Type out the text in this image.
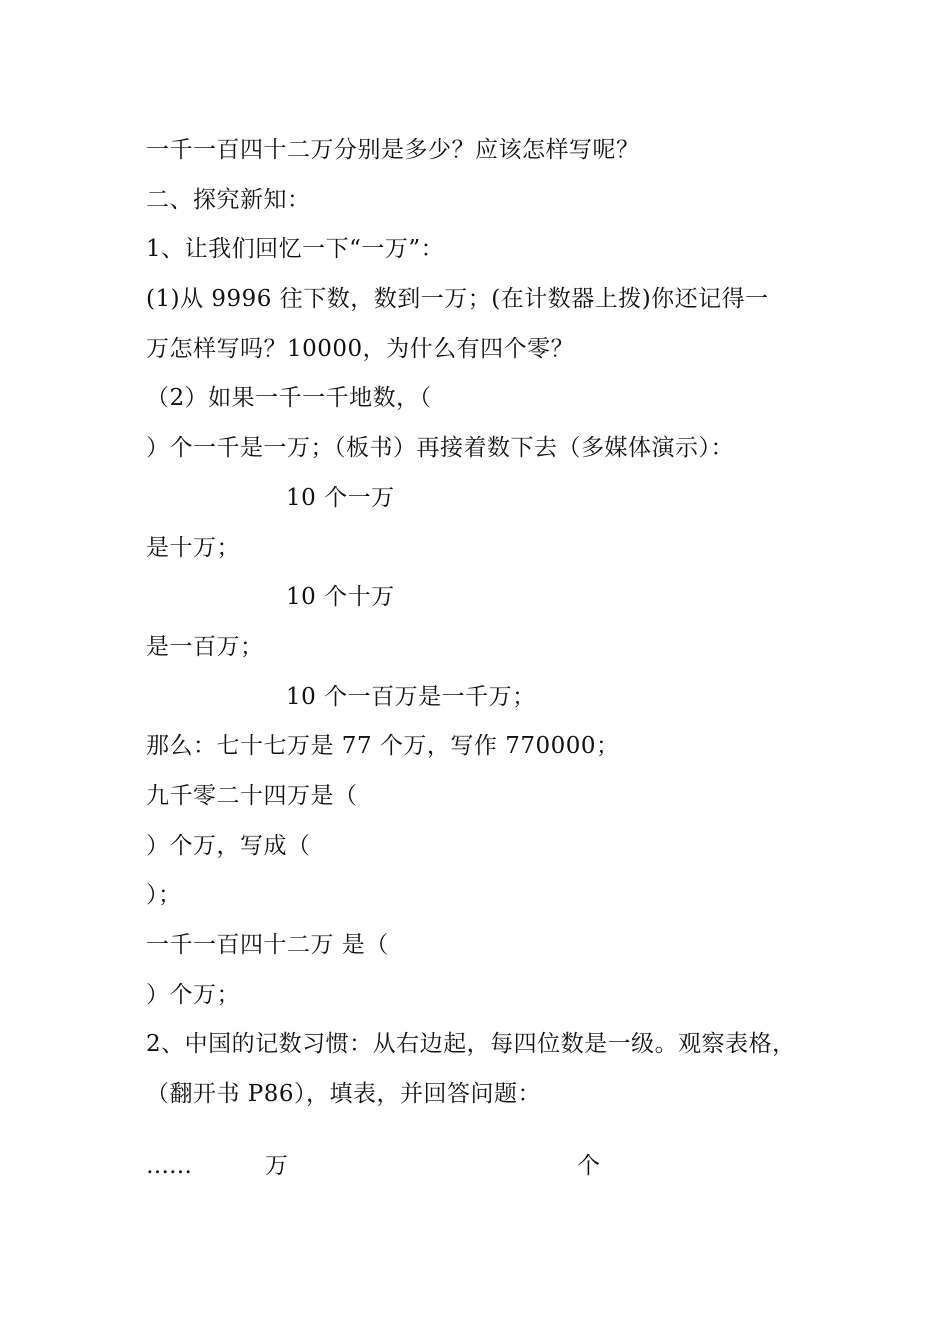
一千一百四十二万分别是多少？应该怎样写呢？
二、探究新知：
1、让我们回忆一下“一万”：
(1)从 9996 往下数，数到一万；(在计数器上拨)你还记得一
万怎样写吗？10000，为什么有四个零？
（2）如果一千一千地数，（
）个一千是一万；（板书）再接着数下去（多媒体演示）：
10 个一万
是十万；
10 个十万
是一百万；
10 个一百万是一千万；
那么：七十七万是 77 个万，写作 770000；
九千零二十四万是（
）个万，写成（
）；
一千一百四十二万 是（
）个万；
2、中国的记数习惯：从右边起，每四位数是一级。观察表格，
（翻开书 P86），填表，并回答问题：
……	万	个
